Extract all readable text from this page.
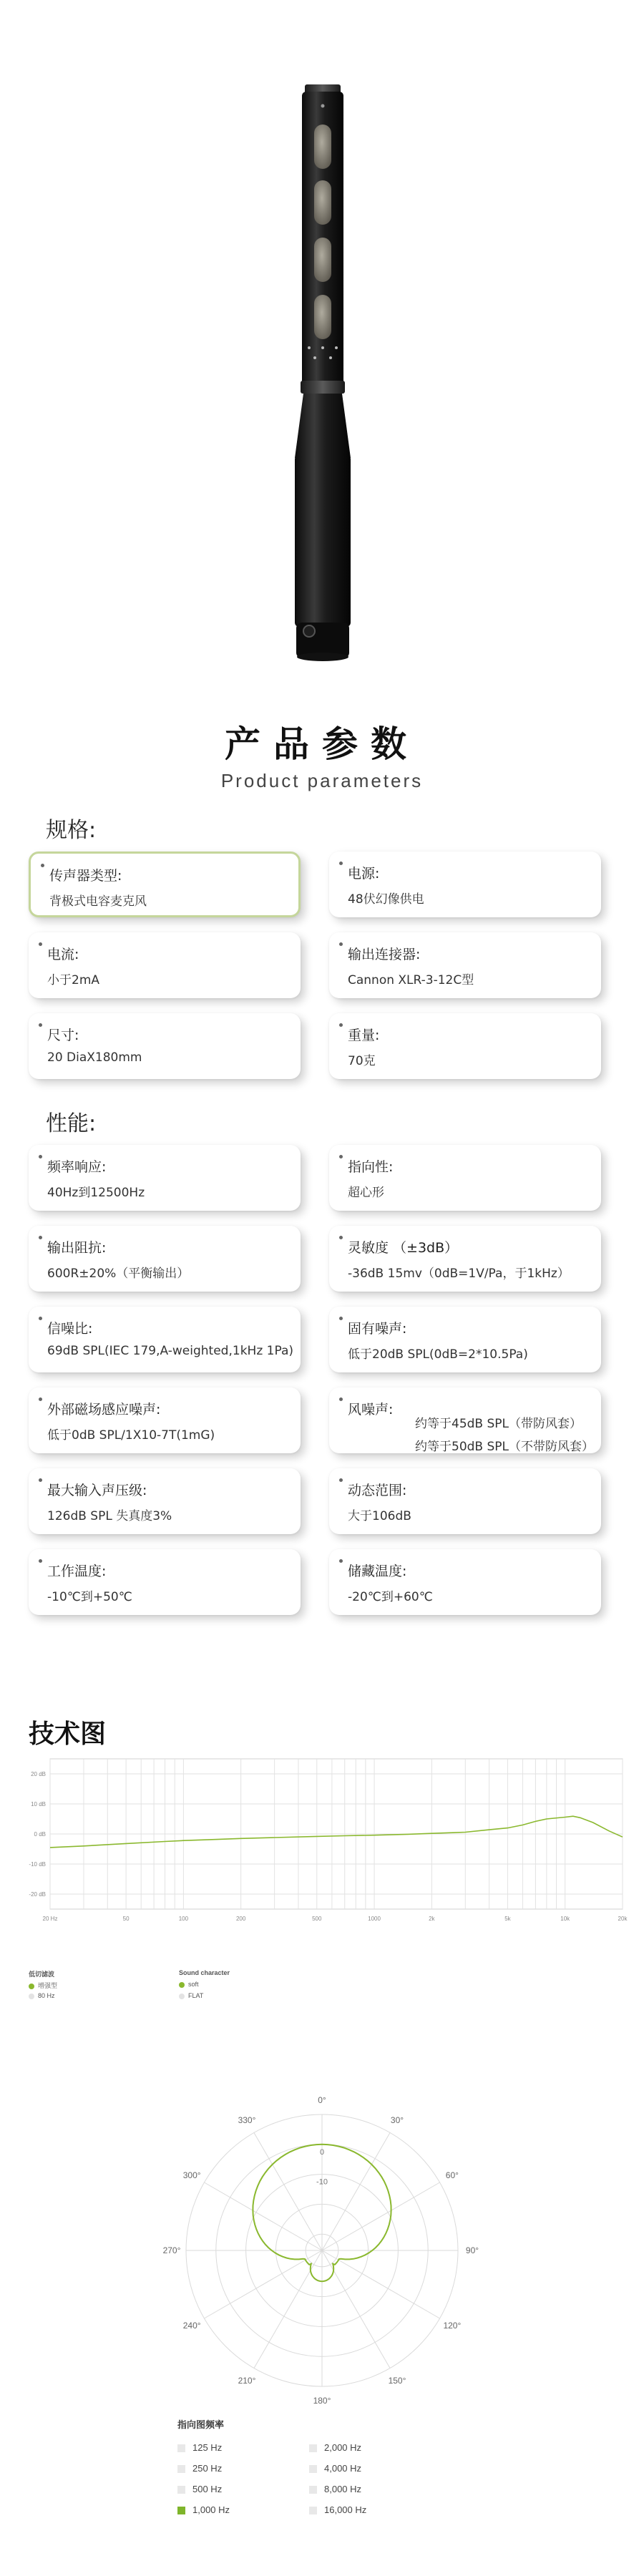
产品参数
Product parameters
规格:
传声器类型:
背极式电容麦克风
电源:
48伏幻像供电
电流:
小于2mA
输出连接器:
Cannon XLR-3-12C型
尺寸:
20 DiaX180mm
重量:
70克
性能:
频率响应:
40Hz到12500Hz
指向性:
超心形
输出阻抗:
600R±20%（平衡输出）
灵敏度 （±3dB）
-36dB 15mv（0dB=1V/Pa，于1kHz）
信噪比:
69dB SPL(IEC 179,A-weighted,1kHz 1Pa)
固有噪声:
低于20dB SPL(0dB=2*10.5Pa)
外部磁场感应噪声:
低于0dB SPL/1X10-7T(1mG)
风噪声:
约等于45dB SPL（带防风套）
约等于50dB SPL（不带防风套）
最大输入声压级:
126dB SPL 失真度3%
动态范围:
大于106dB
工作温度:
-10℃到+50℃
储藏温度:
-20℃到+60℃
技术图
20 dB
10 dB
0 dB
-10 dB
-20 dB
20 Hz	50	100	200	500	1000	2k	5k	10k	20k
低切滤波
增强型
80 Hz
Sound character
soft
FLAT
0°
30°
60°
90°
120°
150°
180°
210°
240°
270°
300°
330°
0
-10
指向图频率
125 Hz	2,000 Hz
250 Hz	4,000 Hz
500 Hz	8,000 Hz
1,000 Hz	16,000 Hz
